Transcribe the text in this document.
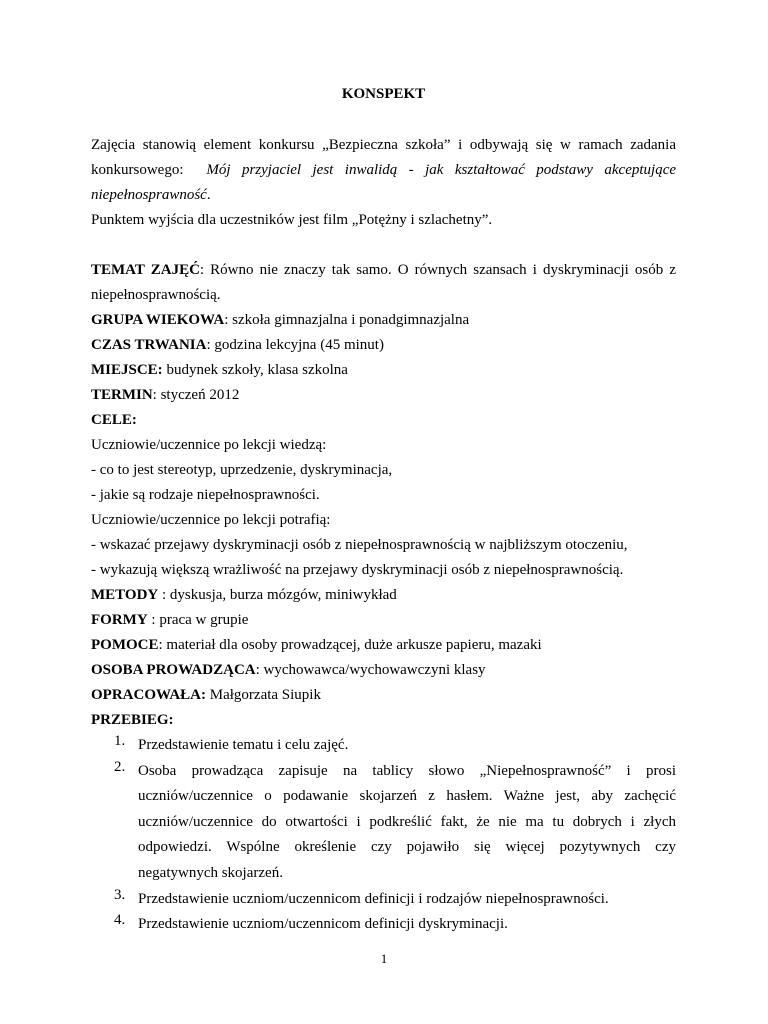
KONSPEKT
Zajęcia stanowią element konkursu „Bezpieczna szkoła” i odbywają się w ramach zadania
konkursowego: Mój przyjaciel jest inwalidą - jak kształtować podstawy akceptujące
niepełnosprawność.
Punktem wyjścia dla uczestników jest film „Potężny i szlachetny”.
TEMAT ZAJĘĆ: Równo nie znaczy tak samo. O równych szansach i dyskryminacji osób z
niepełnosprawnością.
GRUPA WIEKOWA: szkoła gimnazjalna i ponadgimnazjalna
CZAS TRWANIA: godzina lekcyjna (45 minut)
MIEJSCE: budynek szkoły, klasa szkolna
TERMIN: styczeń 2012
CELE:
Uczniowie/uczennice po lekcji wiedzą:
- co to jest stereotyp, uprzedzenie, dyskryminacja,
- jakie są rodzaje niepełnosprawności.
Uczniowie/uczennice po lekcji potrafią:
- wskazać przejawy dyskryminacji osób z niepełnosprawnością w najbliższym otoczeniu,
- wykazują większą wrażliwość na przejawy dyskryminacji osób z niepełnosprawnością.
METODY : dyskusja, burza mózgów, miniwykład
FORMY : praca w grupie
POMOCE: materiał dla osoby prowadzącej, duże arkusze papieru, mazaki
OSOBA PROWADZĄCA: wychowawca/wychowawczyni klasy
OPRACOWAŁA: Małgorzata Siupik
PRZEBIEG:
1. Przedstawienie tematu i celu zajęć.
2. Osoba prowadząca zapisuje na tablicy słowo „Niepełnosprawność” i prosi
uczniów/uczennice o podawanie skojarzeń z hasłem. Ważne jest, aby zachęcić
uczniów/uczennice do otwartości i podkreślić fakt, że nie ma tu dobrych i złych
odpowiedzi. Wspólne określenie czy pojawiło się więcej pozytywnych czy
negatywnych skojarzeń.
3. Przedstawienie uczniom/uczennicom definicji i rodzajów niepełnosprawności.
4. Przedstawienie uczniom/uczennicom definicji dyskryminacji.
1
